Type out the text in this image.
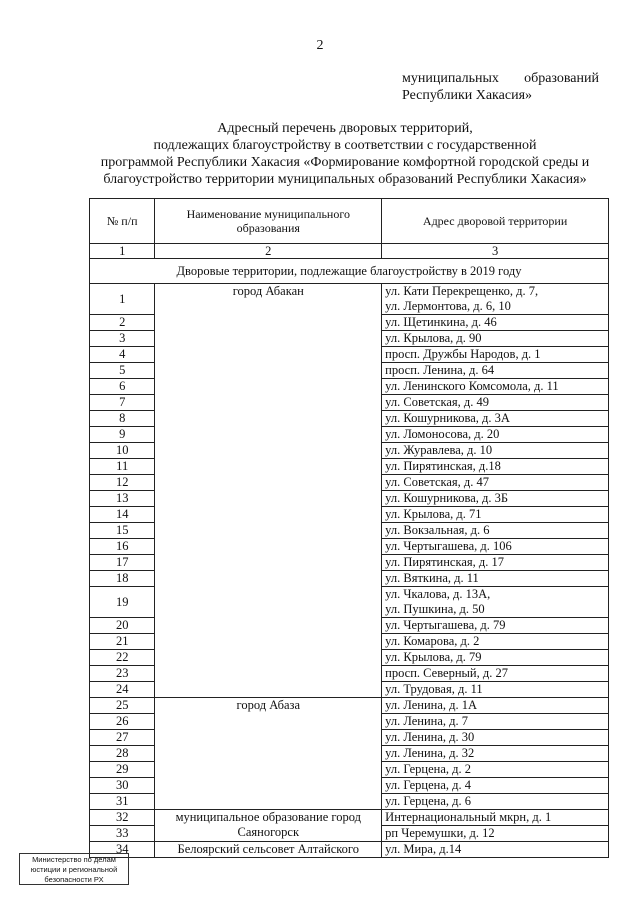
2
муниципальных образований
Республики Хакасия»
Адресный перечень дворовых территорий,
подлежащих благоустройству в соответствии с государственной
программой Республики Хакасия «Формирование комфортной городской среды и
благоустройство территории муниципальных образований Республики Хакасия»
№ п/п	Наименование муниципального образования	Адрес дворовой территории
1	2	3
Дворовые территории, подлежащие благоустройству в 2019 году		
1	город Абакан	ул. Кати Перекрещенко, д. 7,
ул. Лермонтова, д. 6, 10

2		ул. Щетинкина, д. 46

3		ул. Крылова, д. 90

4		просп. Дружбы Народов, д. 1

5		просп. Ленина, д. 64

6		ул. Ленинского Комсомола, д. 11

7		ул. Советская, д. 49

8		ул. Кошурникова, д. 3А

9		ул. Ломоносова, д. 20

10		ул. Журавлева, д. 10

11		ул. Пирятинская, д.18

12		ул. Советская, д. 47

13		ул. Кошурникова, д. 3Б

14		ул. Крылова, д. 71

15		ул. Вокзальная, д. 6

16		ул. Чертыгашева, д. 106

17		ул. Пирятинская, д. 17

18		ул. Вяткина, д. 11

19		ул. Чкалова, д. 13А,
ул. Пушкина, д. 50

20		ул. Чертыгашева, д. 79

21		ул. Комарова, д. 2

22		ул. Крылова, д. 79

23		просп. Северный, д. 27

24		ул. Трудовая, д. 11

25	город Абаза	ул. Ленина, д. 1А

26		ул. Ленина, д. 7

27		ул. Ленина, д. 30

28		ул. Ленина, д. 32

29		ул. Герцена, д. 2

30		ул. Герцена, д. 4

31		ул. Герцена, д. 6

32	муниципальное образование город Саяногорск	Интернациональный мкрн, д. 1

33		рп Черемушки, д. 12

34	Белоярский сельсовет Алтайского	ул. Мира, д.14
Министерство по делам
юстиции и региональной
безопасности РХ
